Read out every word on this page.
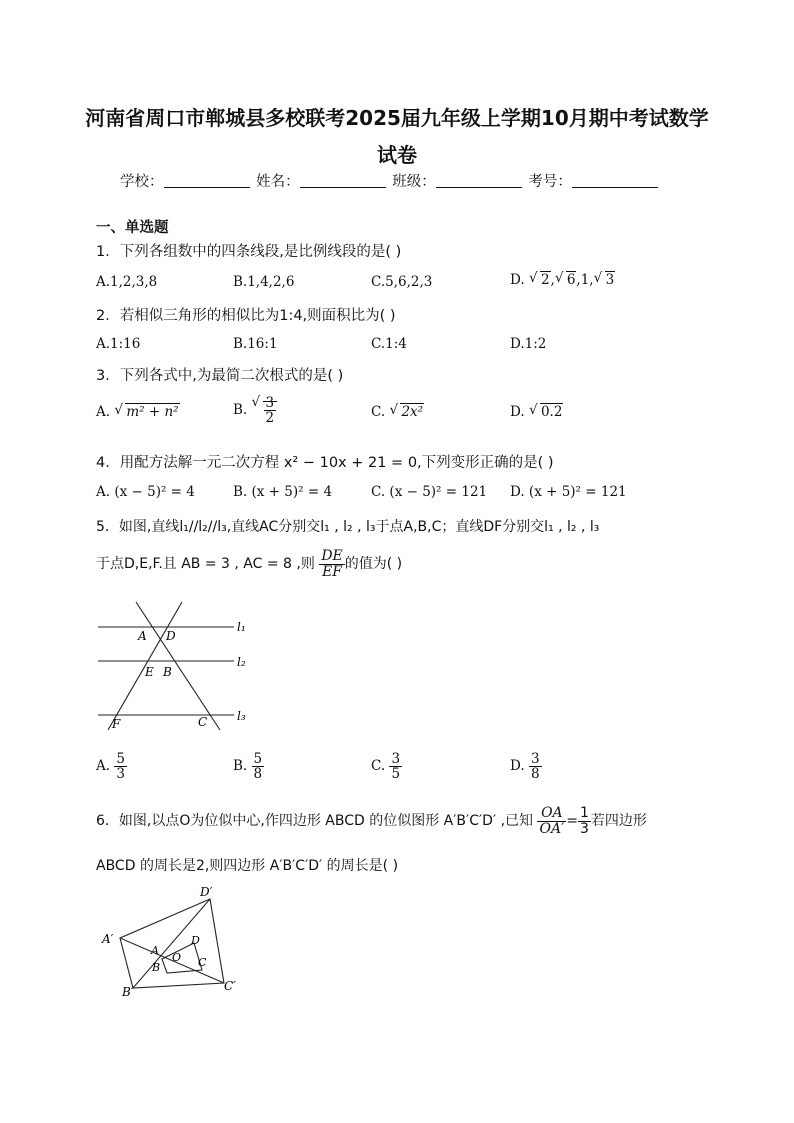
河南省周口市郸城县多校联考2025届九年级上学期10月期中考试数学
试卷
学校：	姓名：	班级：	考号：
一、单选题
1．下列各组数中的四条线段,是比例线段的是( )
A.1,2,3,8	B.1,4,2,6	C.5,6,2,3	D. √ 2, √ 6,1, √ 3
2．若相似三角形的相似比为1:4,则面积比为( )
A.1:16	B.16:1	C.1:4	D.1:2
3．下列各式中,为最简二次根式的是( )
A. √ m² + n²	B. √ $\frac{3}{2}$	C. √ 2x²	D. √ 0.2
4．用配方法解一元二次方程 x² − 10x + 21 = 0,下列变形正确的是( )
A. (x − 5)² = 4	B. (x + 5)² = 4	C. (x − 5)² = 121 D. (x + 5)² = 121
5．如图,直线l₁//l₂//l₃,直线AC分别交l₁ , l₂ , l₃于点A,B,C；直线DF分别交l₁ , l₂ , l₃
于点D,E,F.且 AB = 3 , AC = 8 ,则 $\frac{DE}{EF}$ 的值为( )
l₁
l₂
l₃
A D
E B
F	C
A. $\frac{5}{3}$	B. $\frac{5}{8}$	C. $\frac{3}{5}$	D. $\frac{3}{8}$
6．如图,以点O为位似中心,作四边形 ABCD 的位似图形 A′B′C′D′ ,已知 $\frac{OA}{OA'} = \frac{1}{3}$ 若四边形
ABCD 的周长是2,则四边形 A′B′C′D′ 的周长是( )
A′
D′
C′
B′
A
D
C
B
O
